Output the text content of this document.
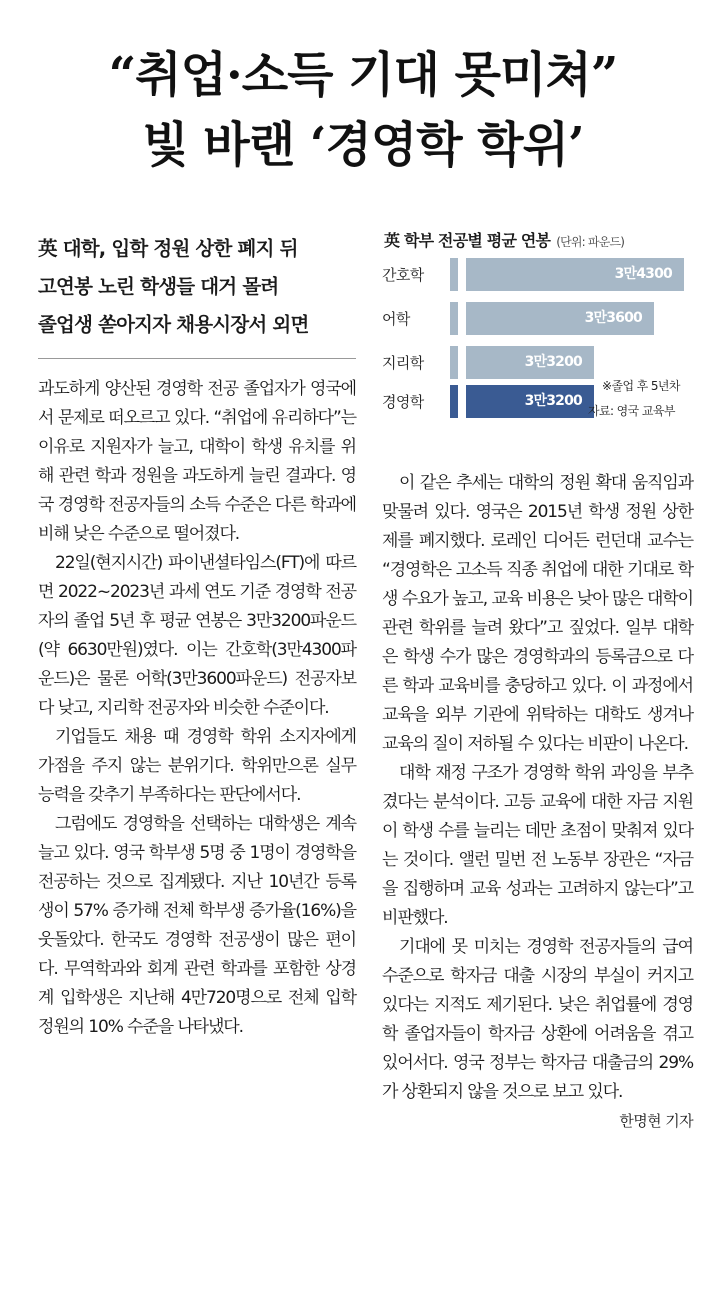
“취업·소득 기대 못미쳐”
빛 바랜 ‘경영학 학위’
英 대학, 입학 정원 상한 폐지 뒤
고연봉 노린 학생들 대거 몰려
졸업생 쏟아지자 채용시장서 외면
英 학부 전공별 평균 연봉 (단위: 파운드)
간호학	3만4300
어학	3만3600
지리학	3만3200
경영학	3만3200
※졸업 후 5년차
자료: 영국 교육부

과도하게 양산된 경영학 전공 졸업자가 영국에서 문제로 떠오르고 있다. “취업에 유리하다”는 이유로 지원자가 늘고, 대학이 학생 유치를 위해 관련 학과 정원을 과도하게 늘린 결과다. 영국 경영학 전공자들의 소득 수준은 다른 학과에 비해 낮은 수준으로 떨어졌다.

22일(현지시간) 파이낸셜타임스(FT)에 따르면 2022~2023년 과세 연도 기준 경영학 전공자의 졸업 5년 후 평균 연봉은 3만3200파운드(약 6630만원)였다. 이는 간호학(3만4300파운드)은 물론 어학(3만3600파운드) 전공자보다 낮고, 지리학 전공자와 비슷한 수준이다.

기업들도 채용 때 경영학 학위 소지자에게 가점을 주지 않는 분위기다. 학위만으론 실무 능력을 갖추기 부족하다는 판단에서다.

그럼에도 경영학을 선택하는 대학생은 계속 늘고 있다. 영국 학부생 5명 중 1명이 경영학을 전공하는 것으로 집계됐다. 지난 10년간 등록생이 57% 증가해 전체 학부생 증가율(16%)을 웃돌았다. 한국도 경영학 전공생이 많은 편이다. 무역학과와 회계 관련 학과를 포함한 상경계 입학생은 지난해 4만720명으로 전체 입학 정원의 10% 수준을 나타냈다.

이 같은 추세는 대학의 정원 확대 움직임과 맞물려 있다. 영국은 2015년 학생 정원 상한제를 폐지했다. 로레인 디어든 런던대 교수는 “경영학은 고소득 직종 취업에 대한 기대로 학생 수요가 높고, 교육 비용은 낮아 많은 대학이 관련 학위를 늘려 왔다”고 짚었다. 일부 대학은 학생 수가 많은 경영학과의 등록금으로 다른 학과 교육비를 충당하고 있다. 이 과정에서 교육을 외부 기관에 위탁하는 대학도 생겨나 교육의 질이 저하될 수 있다는 비판이 나온다.

대학 재정 구조가 경영학 학위 과잉을 부추겼다는 분석이다. 고등 교육에 대한 자금 지원이 학생 수를 늘리는 데만 초점이 맞춰져 있다는 것이다. 앨런 밀번 전 노동부 장관은 “자금을 집행하며 교육 성과는 고려하지 않는다”고 비판했다.

기대에 못 미치는 경영학 전공자들의 급여 수준으로 학자금 대출 시장의 부실이 커지고 있다는 지적도 제기된다. 낮은 취업률에 경영학 졸업자들이 학자금 상환에 어려움을 겪고 있어서다. 영국 정부는 학자금 대출금의 29%가 상환되지 않을 것으로 보고 있다.
한명현 기자
